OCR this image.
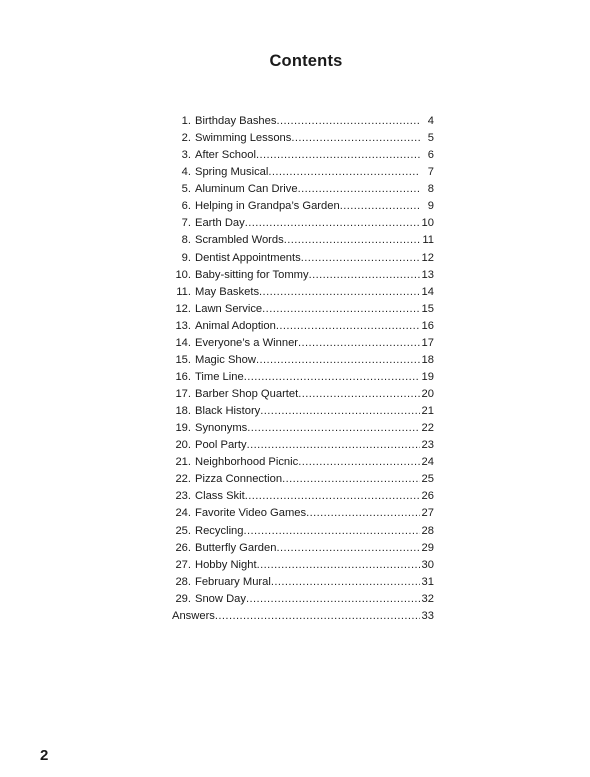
Contents
1. Birthday Bashes .....	4
2. Swimming Lessons .....	5
3. After School .....	6
4. Spring Musical .....	7
5. Aluminum Can Drive .....	8
6. Helping in Grandpa’s Garden .....	9
7. Earth Day .....	10
8. Scrambled Words .....	11
9. Dentist Appointments .....	12
10. Baby-sitting for Tommy .....	13
11. May Baskets .....	14
12. Lawn Service .....	15
13. Animal Adoption .....	16
14. Everyone’s a Winner .....	17
15. Magic Show .....	18
16. Time Line .....	19
17. Barber Shop Quartet .....	20
18. Black History .....	21
19. Synonyms .....	22
20. Pool Party .....	23
21. Neighborhood Picnic .....	24
22. Pizza Connection .....	25
23. Class Skit .....	26
24. Favorite Video Games .....	27
25. Recycling .....	28
26. Butterfly Garden .....	29
27. Hobby Night .....	30
28. February Mural .....	31
29. Snow Day .....	32
Answers .....	33
2
